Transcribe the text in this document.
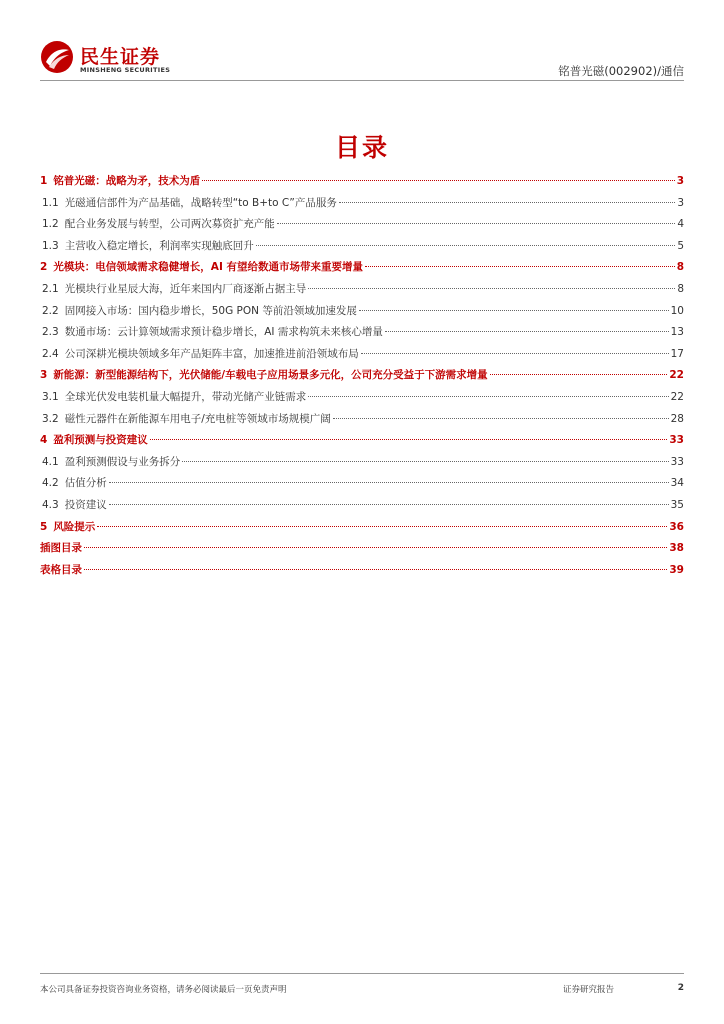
民生证券
MINSHENG SECURITIES	铭普光磁(002902)/通信
目录
1 铭普光磁：战略为矛，技术为盾	3
1.1 光磁通信部件为产品基础，战略转型“to B+to C”产品服务	3
1.2 配合业务发展与转型，公司两次募资扩充产能	4
1.3 主营收入稳定增长，利润率实现触底回升	5
2 光模块：电信领域需求稳健增长，AI 有望给数通市场带来重要增量	8
2.1 光模块行业星辰大海，近年来国内厂商逐渐占据主导	8
2.2 固网接入市场：国内稳步增长，50G PON 等前沿领域加速发展	10
2.3 数通市场：云计算领域需求预计稳步增长，AI 需求构筑未来核心增量	13
2.4 公司深耕光模块领域多年产品矩阵丰富，加速推进前沿领域布局	17
3 新能源：新型能源结构下，光伏储能/车载电子应用场景多元化，公司充分受益于下游需求增量	22
3.1 全球光伏发电装机量大幅提升，带动光储产业链需求	22
3.2 磁性元器件在新能源车用电子/充电桩等领域市场规模广阔	28
4 盈利预测与投资建议	33
4.1 盈利预测假设与业务拆分	33
4.2 估值分析	34
4.3 投资建议	35
5 风险提示	36
插图目录	38
表格目录	39
本公司具备证券投资咨询业务资格，请务必阅读最后一页免责声明	证券研究报告	2
